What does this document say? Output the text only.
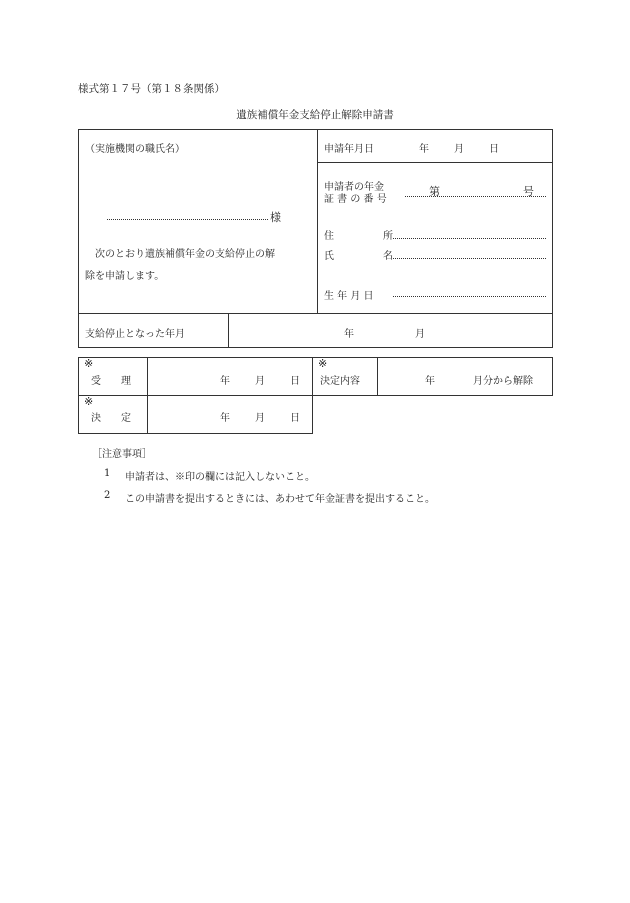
様式第１７号（第１８条関係）
遺族補償年金支給停止解除申請書
（実施機関の職氏名）
様
次のとおり遺族補償年金の支給停止の解
除を申請します。
申請年月日	年	月	日
申請者の年金
証 書 の 番 号
第	号
住	所
氏	名
生 年 月 日
支給停止となった年月	年	月
※
受　　理	年	月	日
※
決定内容	年	月分から解除
※
決　　定	年	月	日
［注意事項］
1 申請者は、※印の欄には記入しないこと。
2 この申請書を提出するときには、あわせて年金証書を提出すること。
